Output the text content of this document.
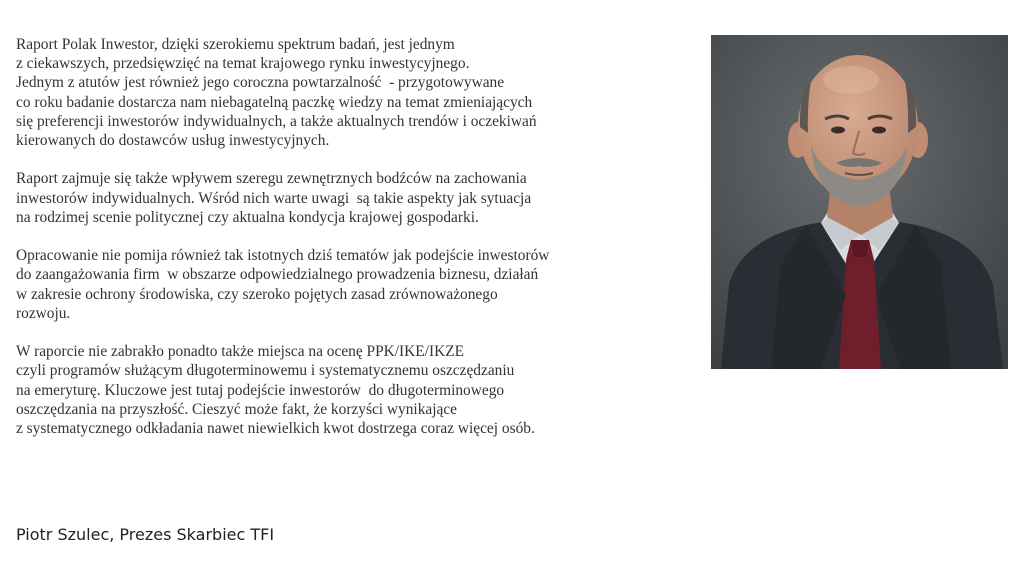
Raport Polak Inwestor, dzięki szerokiemu spektrum badań, jest jednym
z ciekawszych, przedsięwzięć na temat krajowego rynku inwestycyjnego.
Jednym z atutów jest również jego coroczna powtarzalność  - przygotowywane
co roku badanie dostarcza nam niebagatelną paczkę wiedzy na temat zmieniających
się preferencji inwestorów indywidualnych, a także aktualnych trendów i oczekiwań
kierowanych do dostawców usług inwestycyjnych.

Raport zajmuje się także wpływem szeregu zewnętrznych bodźców na zachowania
inwestorów indywidualnych. Wśród nich warte uwagi  są takie aspekty jak sytuacja
na rodzimej scenie politycznej czy aktualna kondycja krajowej gospodarki.

Opracowanie nie pomija również tak istotnych dziś tematów jak podejście inwestorów
do zaangażowania firm  w obszarze odpowiedzialnego prowadzenia biznesu, działań
w zakresie ochrony środowiska, czy szeroko pojętych zasad zrównoważonego
rozwoju.

W raporcie nie zabrakło ponadto także miejsca na ocenę PPK/IKE/IKZE
czyli programów służącym długoterminowemu i systematycznemu oszczędzaniu
na emeryturę. Kluczowe jest tutaj podejście inwestorów  do długoterminowego
oszczędzania na przyszłość. Cieszyć może fakt, że korzyści wynikające
z systematycznego odkładania nawet niewielkich kwot dostrzega coraz więcej osób.

Piotr Szulec, Prezes Skarbiec TFI
